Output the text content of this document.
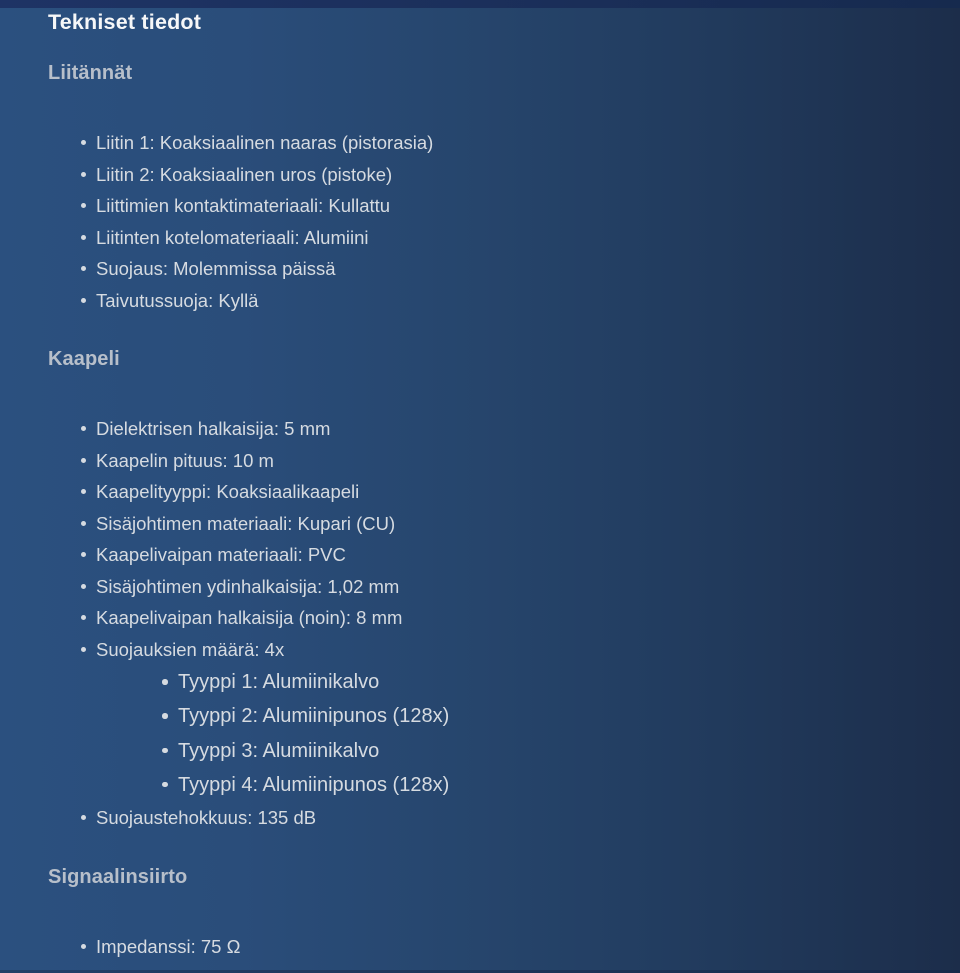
Tekniset tiedot
Liitännät
Liitin 1: Koaksiaalinen naaras (pistorasia)
Liitin 2: Koaksiaalinen uros (pistoke)
Liittimien kontaktimateriaali: Kullattu
Liitinten kotelomateriaali: Alumiini
Suojaus: Molemmissa päissä
Taivutussuoja: Kyllä
Kaapeli
Dielektrisen halkaisija: 5 mm
Kaapelin pituus: 10 m
Kaapelityyppi: Koaksiaalikaapeli
Sisäjohtimen materiaali: Kupari (CU)
Kaapelivaipan materiaali: PVC
Sisäjohtimen ydinhalkaisija: 1,02 mm
Kaapelivaipan halkaisija (noin): 8 mm
Suojauksien määrä: 4x
Tyyppi 1: Alumiinikalvo
Tyyppi 2: Alumiinipunos (128x)
Tyyppi 3: Alumiinikalvo
Tyyppi 4: Alumiinipunos (128x)
Suojaustehokkuus: 135 dB
Signaalinsiirto
Impedanssi: 75 Ω
